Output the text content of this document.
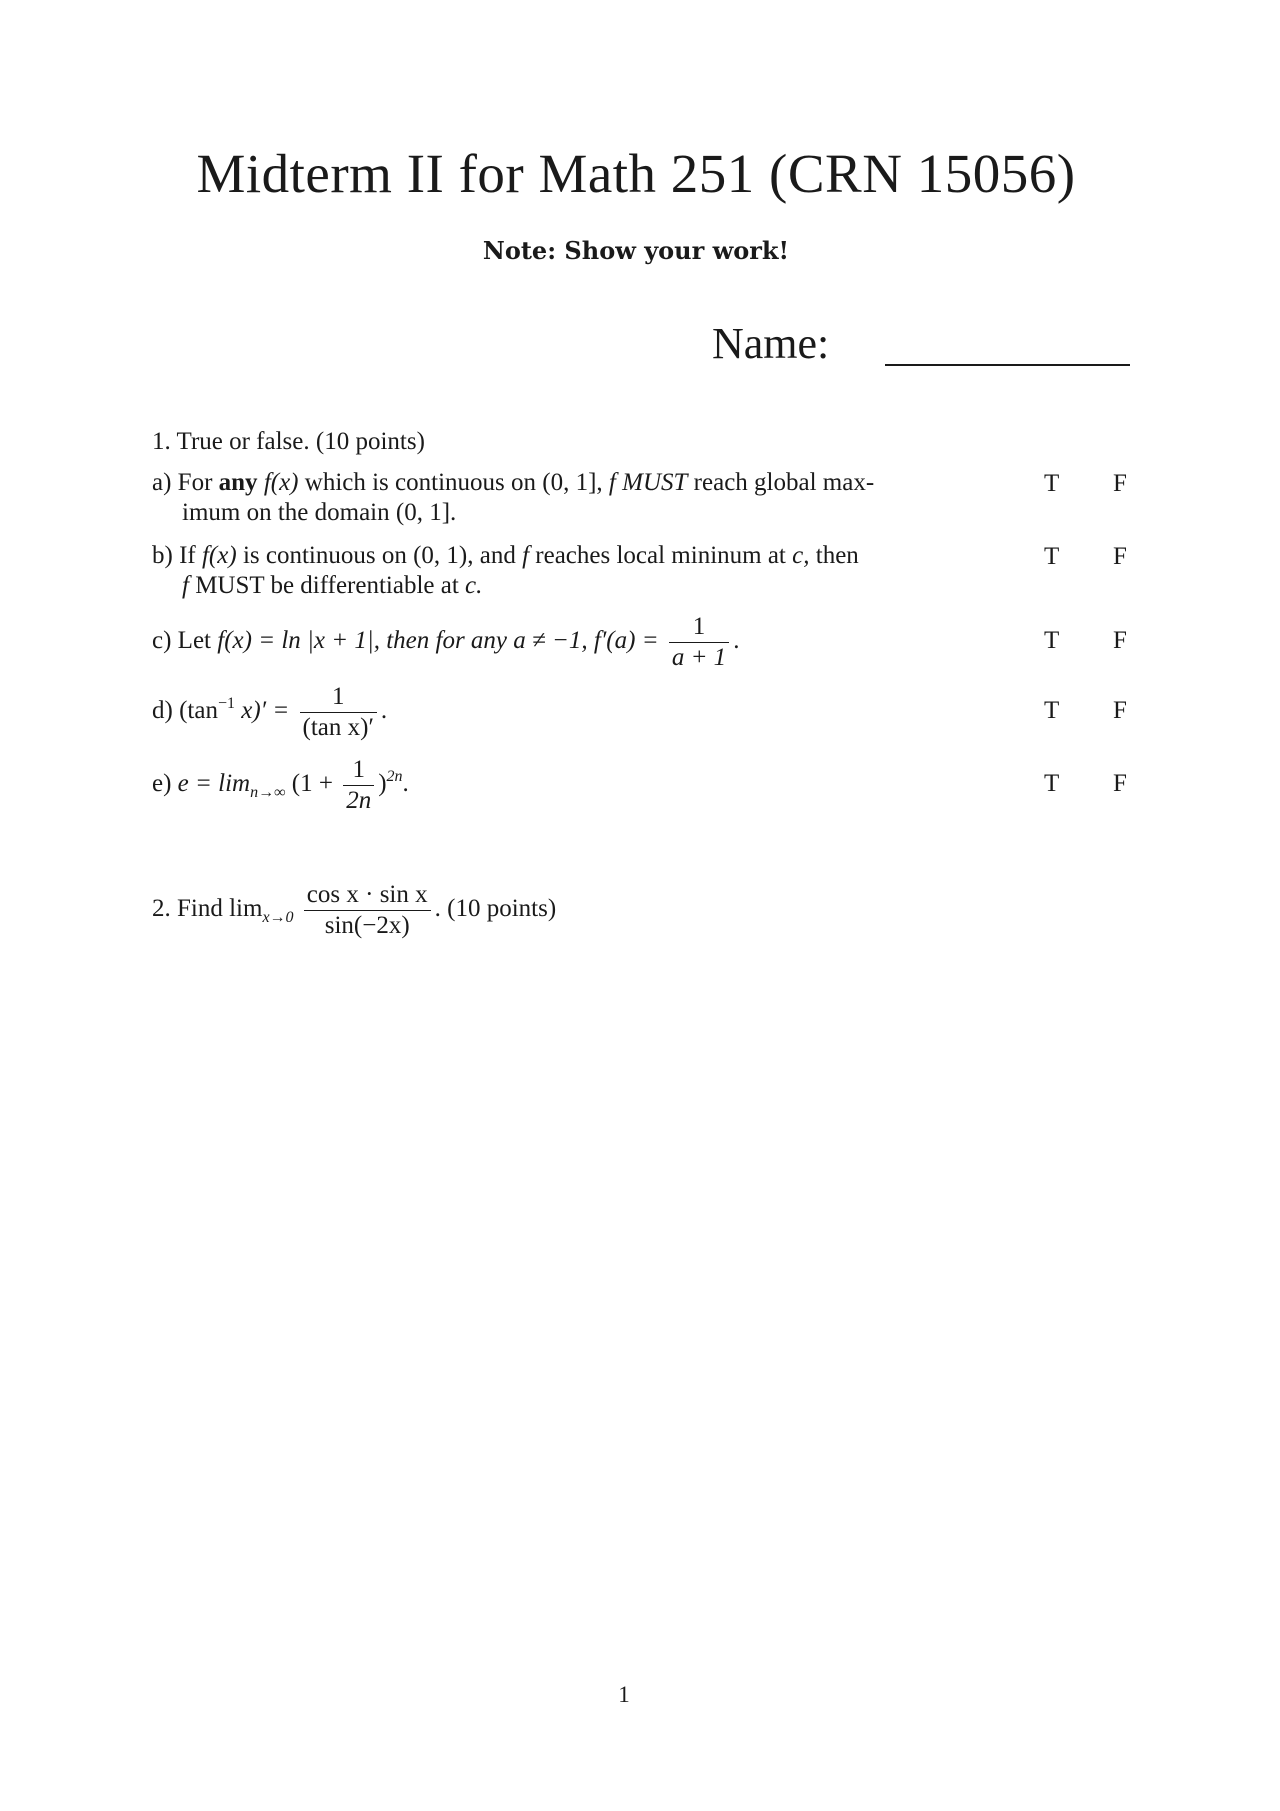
Midterm II for Math 251 (CRN 15056)
Note: Show your work!
Name:
1. True or false. (10 points)
a) For any f(x) which is continuous on (0, 1], f MUST reach global max-
imum on the domain (0, 1].
b) If f(x) is continuous on (0, 1), and f reaches local mininum at c, then
f MUST be differentiable at c.
c) Let f(x) = ln |x + 1|, then for any a ≠ −1, $f'(a) = \frac{1}{a + 1}$ .
d) ($\tan^{-1}$ $x)' = \frac{1}{\text{(tan x)′}}$ .
e) $e = \lim_{n\to\infty} (1 + \frac{1}{2n} )^{2n}$.
T F
T F
T F
T F
T F
2. Find $\lim_{x\to 0} \frac{\text{cos x · sin x}}{\sin(-2x)}$ . (10 points)
1
